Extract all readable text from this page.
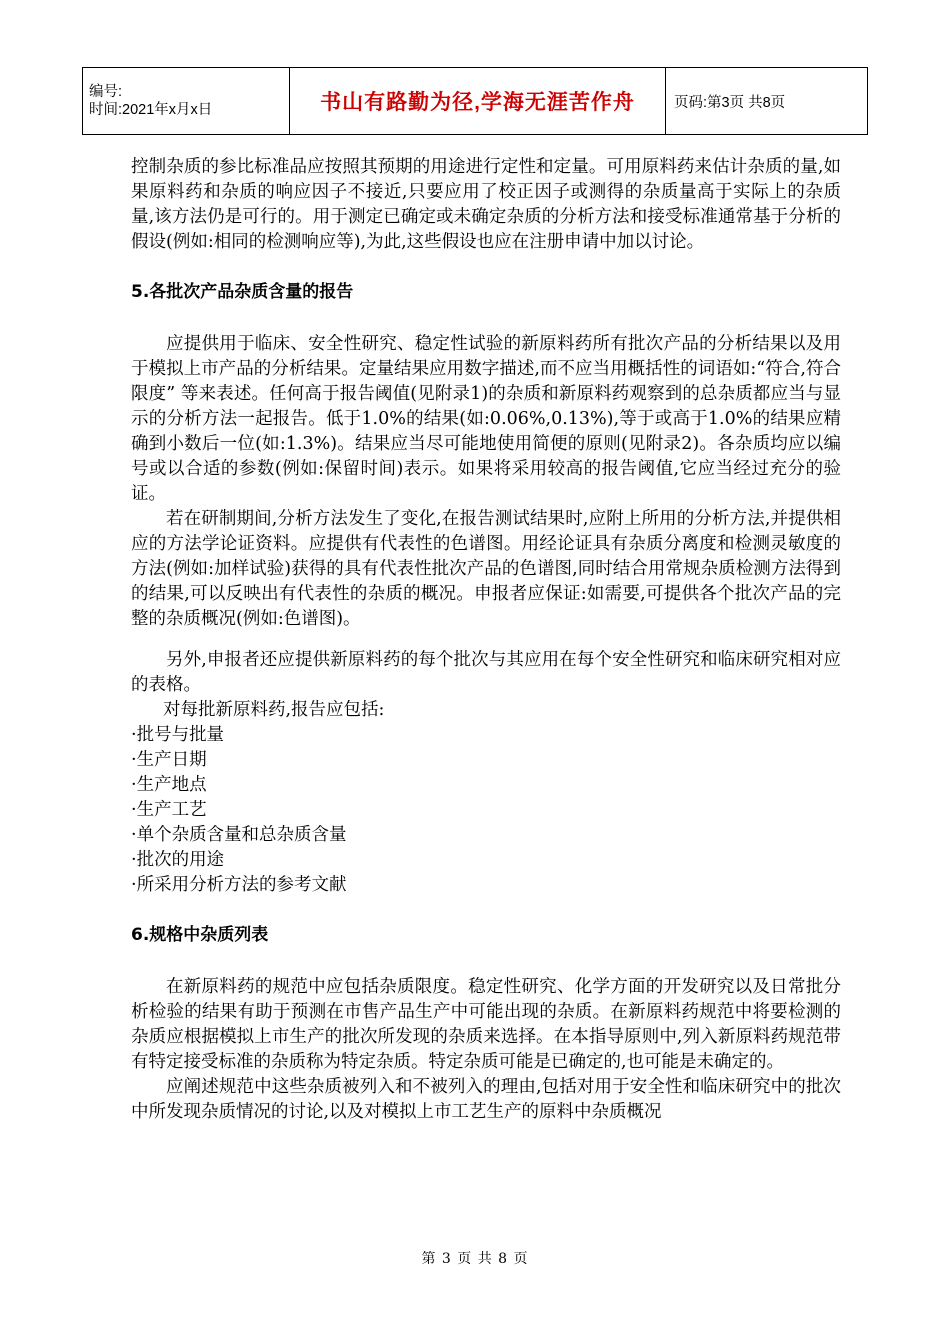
编号:
时间:2021年x月x日	书山有路勤为径,学海无涯苦作舟	页码:第3页 共8页

控制杂质的参比标准品应按照其预期的用途进行定性和定量。可用原料药来估计杂质的量,如果原料药和杂质的响应因子不接近,只要应用了校正因子或测得的杂质量高于实际上的杂质量,该方法仍是可行的。用于测定已确定或未确定杂质的分析方法和接受标准通常基于分析的假设(例如:相同的检测响应等),为此,这些假设也应在注册申请中加以讨论。

5.各批次产品杂质含量的报告

应提供用于临床、安全性研究、稳定性试验的新原料药所有批次产品的分析结果以及用于模拟上市产品的分析结果。定量结果应用数字描述,而不应当用概括性的词语如:“符合,符合限度” 等来表述。任何高于报告阈值(见附录1)的杂质和新原料药观察到的总杂质都应当与显示的分析方法一起报告。低于1.0%的结果(如:0.06%,0.13%),等于或高于1.0%的结果应精确到小数后一位(如:1.3%)。结果应当尽可能地使用简便的原则(见附录2)。各杂质均应以编号或以合适的参数(例如:保留时间)表示。如果将采用较高的报告阈值,它应当经过充分的验证。

若在研制期间,分析方法发生了变化,在报告测试结果时,应附上所用的分析方法,并提供相应的方法学论证资料。应提供有代表性的色谱图。用经论证具有杂质分离度和检测灵敏度的方法(例如:加样试验)获得的具有代表性批次产品的色谱图,同时结合用常规杂质检测方法得到的结果,可以反映出有代表性的杂质的概况。申报者应保证:如需要,可提供各个批次产品的完整的杂质概况(例如:色谱图)。

另外,申报者还应提供新原料药的每个批次与其应用在每个安全性研究和临床研究相对应的表格。

对每批新原料药,报告应包括:

·批号与批量

·生产日期

·生产地点

·生产工艺

·单个杂质含量和总杂质含量

·批次的用途

·所采用分析方法的参考文献

6.规格中杂质列表

在新原料药的规范中应包括杂质限度。稳定性研究、化学方面的开发研究以及日常批分析检验的结果有助于预测在市售产品生产中可能出现的杂质。在新原料药规范中将要检测的杂质应根据模拟上市生产的批次所发现的杂质来选择。在本指导原则中,列入新原料药规范带有特定接受标准的杂质称为特定杂质。特定杂质可能是已确定的,也可能是未确定的。

应阐述规范中这些杂质被列入和不被列入的理由,包括对用于安全性和临床研究中的批次中所发现杂质情况的讨论,以及对模拟上市工艺生产的原料中杂质概况

第 3 页 共 8 页
